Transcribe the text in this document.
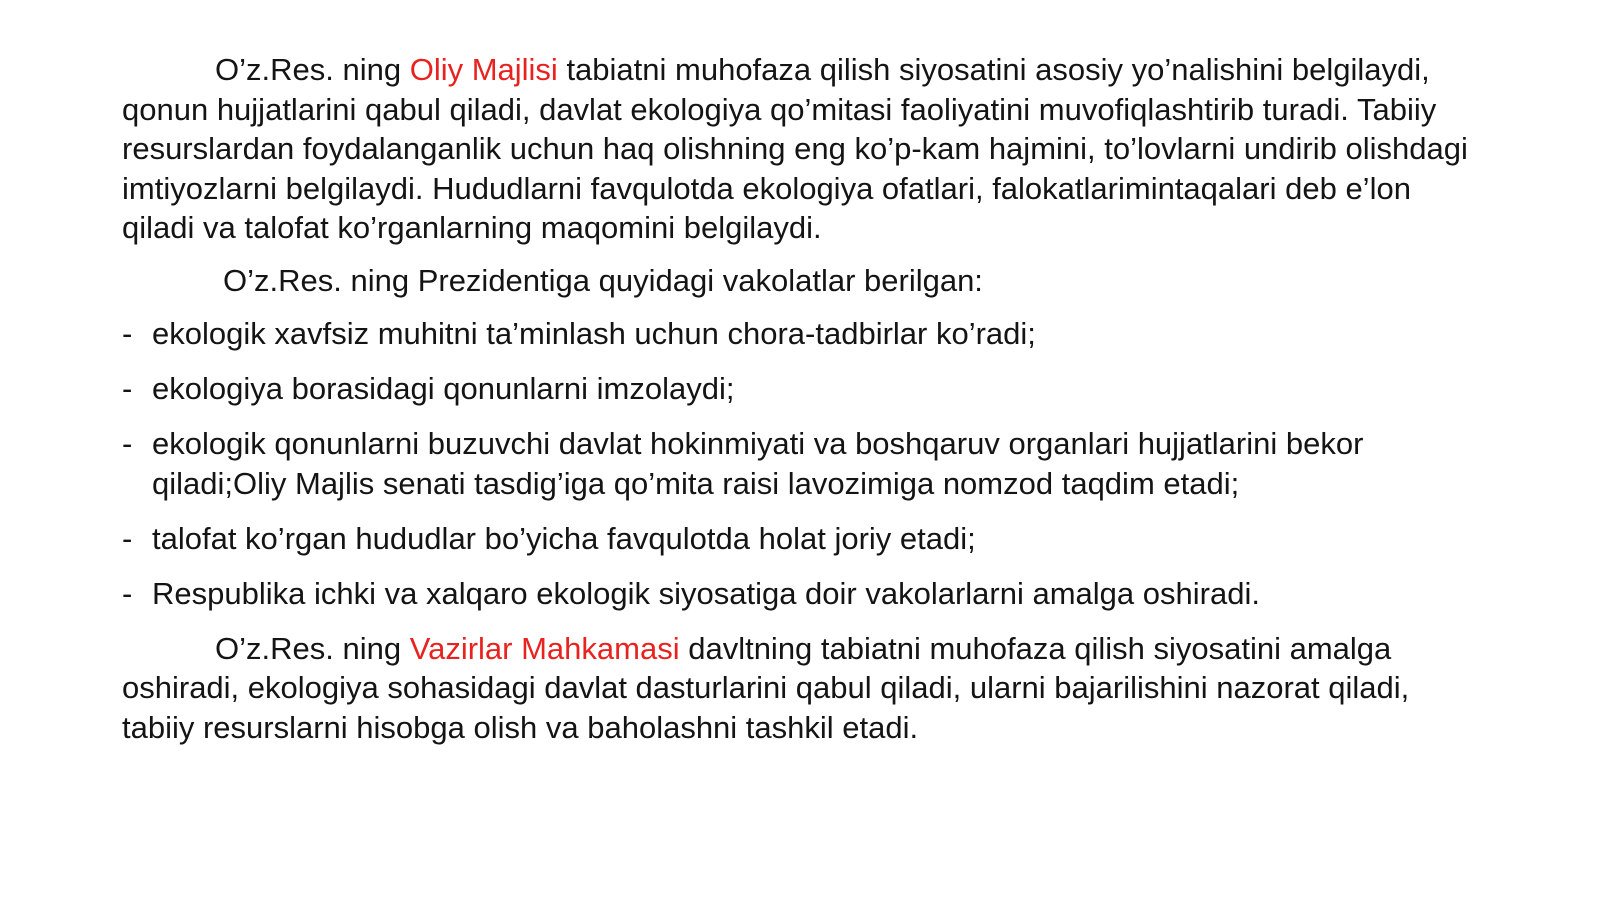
O’z.Res. ning Oliy Majlisi tabiatni muhofaza qilish siyosatini asosiy yo’nalishini belgilaydi, qonun hujjatlarini qabul qiladi, davlat ekologiya qo’mitasi faoliyatini muvofiqlashtirib turadi. Tabiiy resurslardan foydalanganlik uchun haq olishning eng ko’p-kam hajmini, to’lovlarni undirib olishdagi imtiyozlarni belgilaydi. Hududlarni favqulotda ekologiya ofatlari, falokatlarimintaqalari deb e’lon qiladi va talofat ko’rganlarning maqomini belgilaydi.

O’z.Res. ning Prezidentiga quyidagi vakolatlar berilgan:

- ekologik xavfsiz muhitni ta’minlash uchun chora-tadbirlar ko’radi;
- ekologiya borasidagi qonunlarni imzolaydi;
- ekologik qonunlarni buzuvchi davlat hokinmiyati va boshqaruv organlari hujjatlarini bekor qiladi;Oliy Majlis senati tasdig’iga qo’mita raisi lavozimiga nomzod taqdim etadi;
- talofat ko’rgan hududlar bo’yicha favqulotda holat joriy etadi;
- Respublika ichki va xalqaro ekologik siyosatiga doir vakolarlarni amalga oshiradi.

O’z.Res. ning Vazirlar Mahkamasi davltning tabiatni muhofaza qilish siyosatini amalga oshiradi, ekologiya sohasidagi davlat dasturlarini qabul qiladi, ularni bajarilishini nazorat qiladi, tabiiy resurslarni hisobga olish va baholashni tashkil etadi.
